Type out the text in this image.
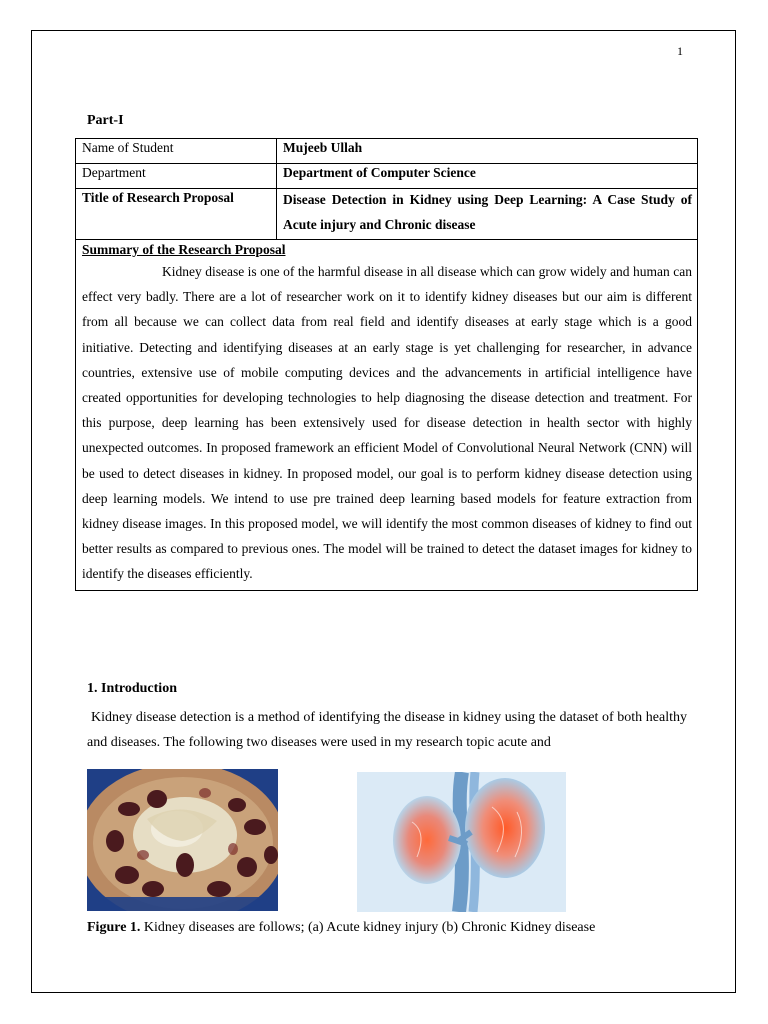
1
Part-I
Name of Student	Mujeeb Ullah
Department	Department of Computer Science
Title of Research Proposal	Disease Detection in Kidney using Deep Learning: A Case Study of Acute injury and Chronic disease

Summary of the Research Proposal
Kidney disease is one of the harmful disease in all disease which can grow widely and human can effect very badly. There are a lot of researcher work on it to identify kidney diseases but our aim is different from all because we can collect data from real field and identify diseases at early stage which is a good initiative. Detecting and identifying diseases at an early stage is yet challenging for researcher, in advance countries, extensive use of mobile computing devices and the advancements in artificial intelligence have created opportunities for developing technologies to help diagnosing the disease detection and treatment. For this purpose, deep learning has been extensively used for disease detection in health sector with highly unexpected outcomes. In proposed framework an efficient Model of Convolutional Neural Network (CNN) will be used to detect diseases in kidney. In proposed model, our goal is to perform kidney disease detection using deep learning models. We intend to use pre trained deep learning based models for feature extraction from kidney disease images. In this proposed model, we will identify the most common diseases of kidney to find out better results as compared to previous ones. The model will be trained to detect the dataset images for kidney to identify the diseases efficiently.	
1. Introduction

Kidney disease detection is a method of identifying the disease in kidney using the dataset of both healthy and diseases. The following two diseases were used in my research topic acute and

Figure 1. Kidney diseases are follows; (a) Acute kidney injury (b) Chronic Kidney disease
